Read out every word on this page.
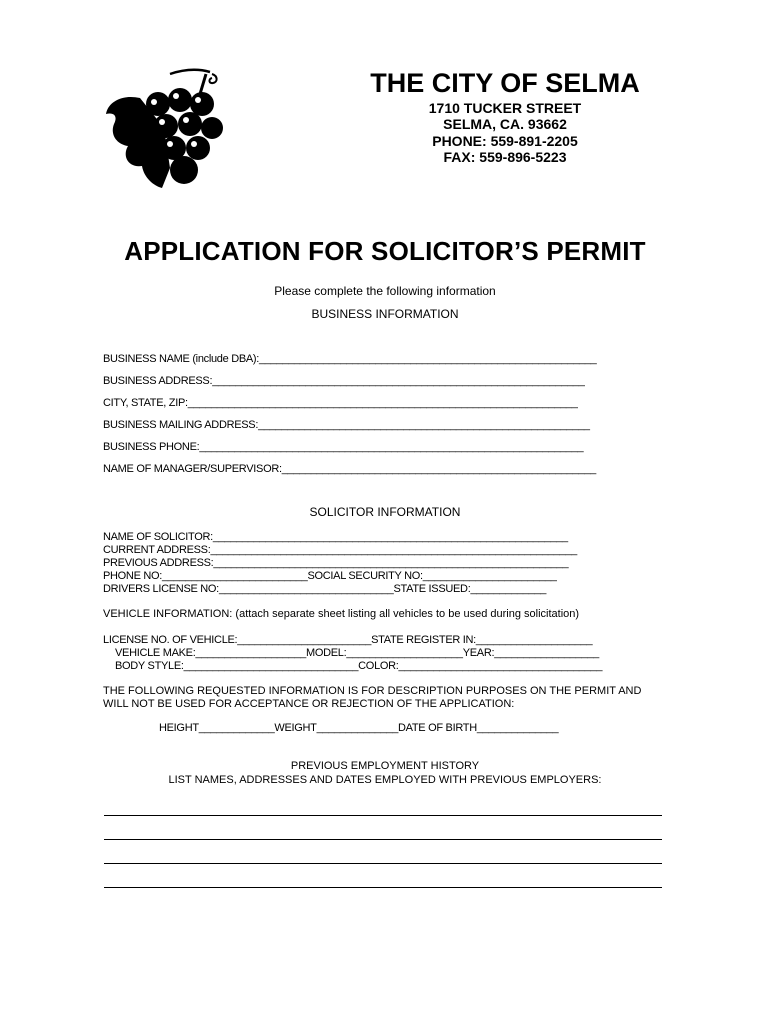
THE CITY OF SELMA
1710 TUCKER STREET
SELMA, CA. 93662
PHONE: 559-891-2205
FAX: 559-896-5223
APPLICATION FOR SOLICITOR’S PERMIT
Please complete the following information
BUSINESS INFORMATION
BUSINESS NAME (include DBA):__________________________________________________________
BUSINESS ADDRESS:________________________________________________________________
CITY, STATE, ZIP:___________________________________________________________________
BUSINESS MAILING ADDRESS:_________________________________________________________
BUSINESS PHONE:__________________________________________________________________
NAME OF MANAGER/SUPERVISOR:______________________________________________________
SOLICITOR INFORMATION
NAME OF SOLICITOR:_____________________________________________________________
CURRENT ADDRESS:_______________________________________________________________
PREVIOUS ADDRESS:_____________________________________________________________
PHONE NO:_________________________SOCIAL SECURITY NO:_______________________
DRIVERS LICENSE NO:______________________________STATE ISSUED:_____________
VEHICLE INFORMATION: (attach separate sheet listing all vehicles to be used during solicitation)
LICENSE NO. OF VEHICLE:_______________________STATE REGISTER IN:____________________
VEHICLE MAKE:___________________MODEL:____________________YEAR:__________________
BODY STYLE:______________________________COLOR:___________________________________
THE FOLLOWING REQUESTED INFORMATION IS FOR DESCRIPTION PURPOSES ON THE PERMIT AND
WILL NOT BE USED FOR ACCEPTANCE OR REJECTION OF THE APPLICATION:
HEIGHT_____________WEIGHT______________DATE OF BIRTH______________
PREVIOUS EMPLOYMENT HISTORY
LIST NAMES, ADDRESSES AND DATES EMPLOYED WITH PREVIOUS EMPLOYERS:
